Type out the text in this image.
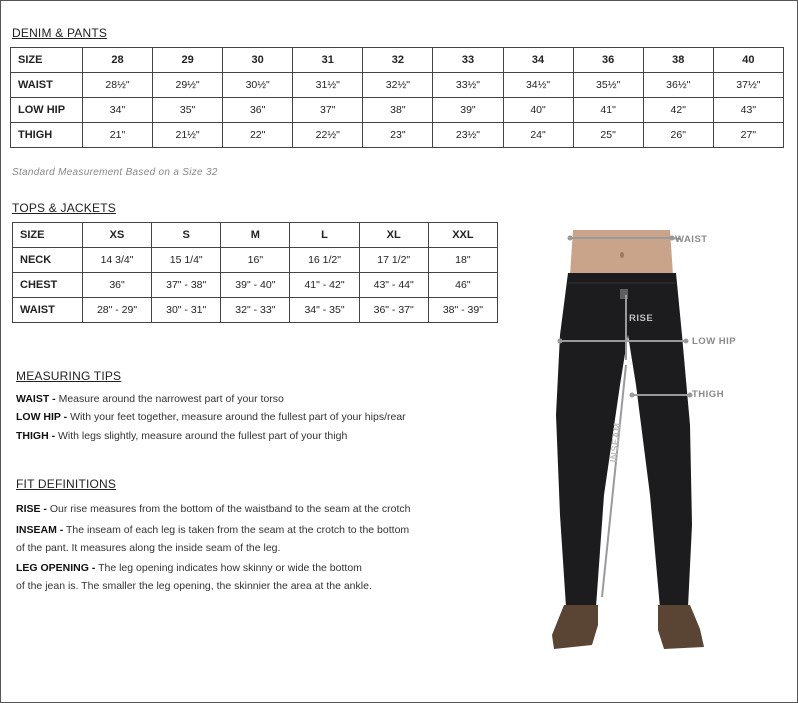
DENIM & PANTS
SIZE	28	29	30	31	32	33	34	36	38	40
WAIST	28½"	29½"	30½"	31½"	32½"	33½"	34½"	35½"	36½"	37½"
LOW HIP	34"	35"	36"	37"	38"	39"	40"	41"	42"	43"
THIGH	21"	21½"	22"	22½"	23"	23½"	24"	25"	26"	27"
Standard Measurement Based on a Size 32
TOPS & JACKETS
SIZE	XS	S	M	L	XL	XXL
NECK	14 3/4"	15 1/4"	16"	16 1/2"	17 1/2"	18"
CHEST	36"	37" - 38"	39" - 40"	41" - 42"	43" - 44"	46"
WAIST	28" - 29"	30" - 31"	32" - 33"	34" - 35"	36" - 37"	38" - 39"
MEASURING TIPS
WAIST - Measure around the narrowest part of your torso
LOW HIP - With your feet together, measure around the fullest part of your hips/rear
THIGH - With legs slightly, measure around the fullest part of your thigh
FIT DEFINITIONS
RISE - Our rise measures from the bottom of the waistband to the seam at the crotch
INSEAM - The inseam of each leg is taken from the seam at the crotch to the bottom
of the pant. It measures along the inside seam of the leg.
LEG OPENING - The leg opening indicates how skinny or wide the bottom
of the jean is. The smaller the leg opening, the skinnier the area at the ankle.
WAIST
RISE
LOW HIP
THIGH
INSEAM
